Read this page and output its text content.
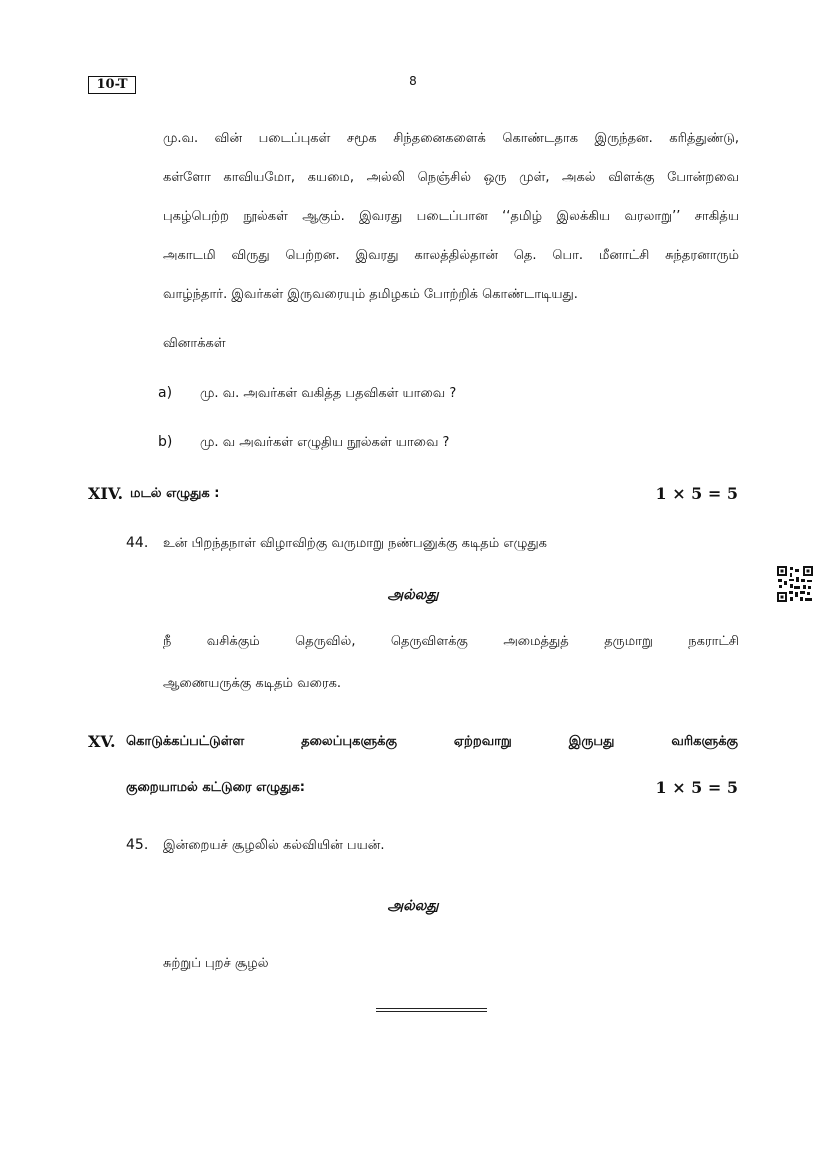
10-T	8
மு.வ. வின் படைப்புகள் சமூக சிந்தனைகளைக் கொண்டதாக இருந்தன. கரித்துண்டு,
கள்ளோ காவியமோ, கயமை, அல்லி நெஞ்சில் ஒரு முள், அகல் விளக்கு போன்றவை
புகழ்பெற்ற நூல்கள் ஆகும். இவரது படைப்பான ‘‘தமிழ் இலக்கிய வரலாறு’’ சாகித்ய
அகாடமி விருது பெற்றன. இவரது காலத்தில்தான் தெ. பொ. மீனாட்சி சுந்தரனாரும்
வாழ்ந்தார். இவர்கள் இருவரையும் தமிழகம் போற்றிக் கொண்டாடியது.
வினாக்கள்
a) மு. வ. அவர்கள் வகித்த பதவிகள் யாவை ?
b) மு. வ அவர்கள் எழுதிய நூல்கள் யாவை ?
XIV. மடல் எழுதுக :	1 × 5 = 5
44. உன் பிறந்தநாள் விழாவிற்கு வருமாறு நண்பனுக்கு கடிதம் எழுதுக
அல்லது
நீ வசிக்கும் தெருவில், தெருவிளக்கு அமைத்துத் தருமாறு நகராட்சி
ஆணையருக்கு கடிதம் வரைக.
XV. கொடுக்கப்பட்டுள்ள தலைப்புகளுக்கு ஏற்றவாறு இருபது வரிகளுக்கு
குறையாமல் கட்டுரை எழுதுக:	1 × 5 = 5
45. இன்றையச் சூழலில் கல்வியின் பயன்.
அல்லது
சுற்றுப் புறச் சூழல்
